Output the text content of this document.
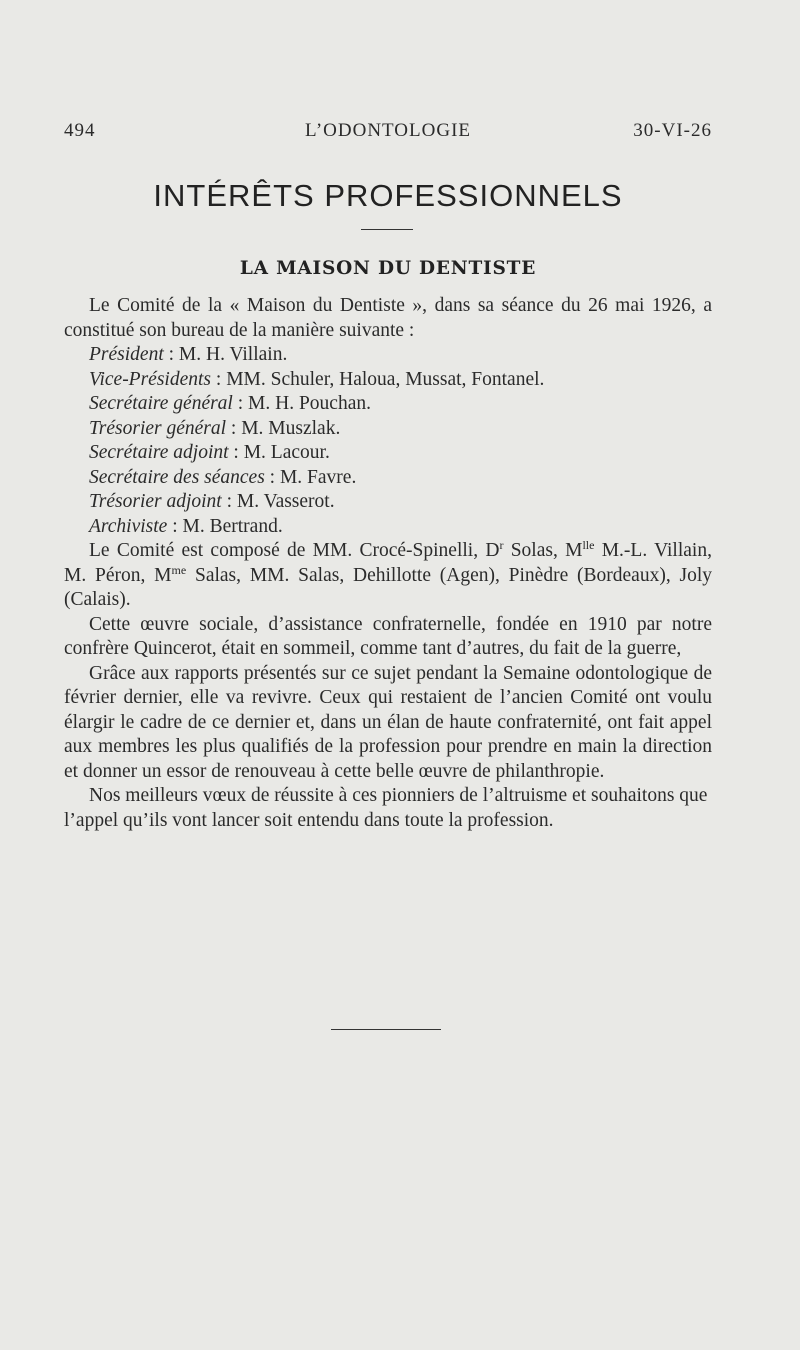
494	L’ODONTOLOGIE	30-VI-26
INTÉRÊTS PROFESSIONNELS
LA MAISON DU DENTISTE

Le Comité de la « Maison du Dentiste », dans sa séance du 26 mai 1926, a constitué son bureau de la manière suivante :

Président : M. H. Villain.
Vice-Présidents : MM. Schuler, Haloua, Mussat, Fontanel.
Secrétaire général : M. H. Pouchan.
Trésorier général : M. Muszlak.
Secrétaire adjoint : M. Lacour.
Secrétaire des séances : M. Favre.
Trésorier adjoint : M. Vasserot.
Archiviste : M. Bertrand.

Le Comité est composé de MM. Crocé-Spinelli, $D^r$ Solas, $M^{lle}$ M.-L. Villain, M. Péron, $M^{me}$ Salas, MM. Salas, Dehillotte (Agen), Pinèdre (Bordeaux), Joly (Calais).

Cette œuvre sociale, d’assistance confraternelle, fondée en 1910 par notre confrère Quincerot, était en sommeil, comme tant d’autres, du fait de la guerre,

Grâce aux rapports présentés sur ce sujet pendant la Semaine odontologique de février dernier, elle va revivre. Ceux qui restaient de l’ancien Comité ont voulu élargir le cadre de ce dernier et, dans un élan de haute confraternité, ont fait appel aux membres les plus qualifiés de la profession pour prendre en main la direction et donner un essor de renouveau à cette belle œuvre de philanthropie.

Nos meilleurs vœux de réussite à ces pionniers de l’altruisme et souhaitons que l’appel qu’ils vont lancer soit entendu dans toute la profession.
